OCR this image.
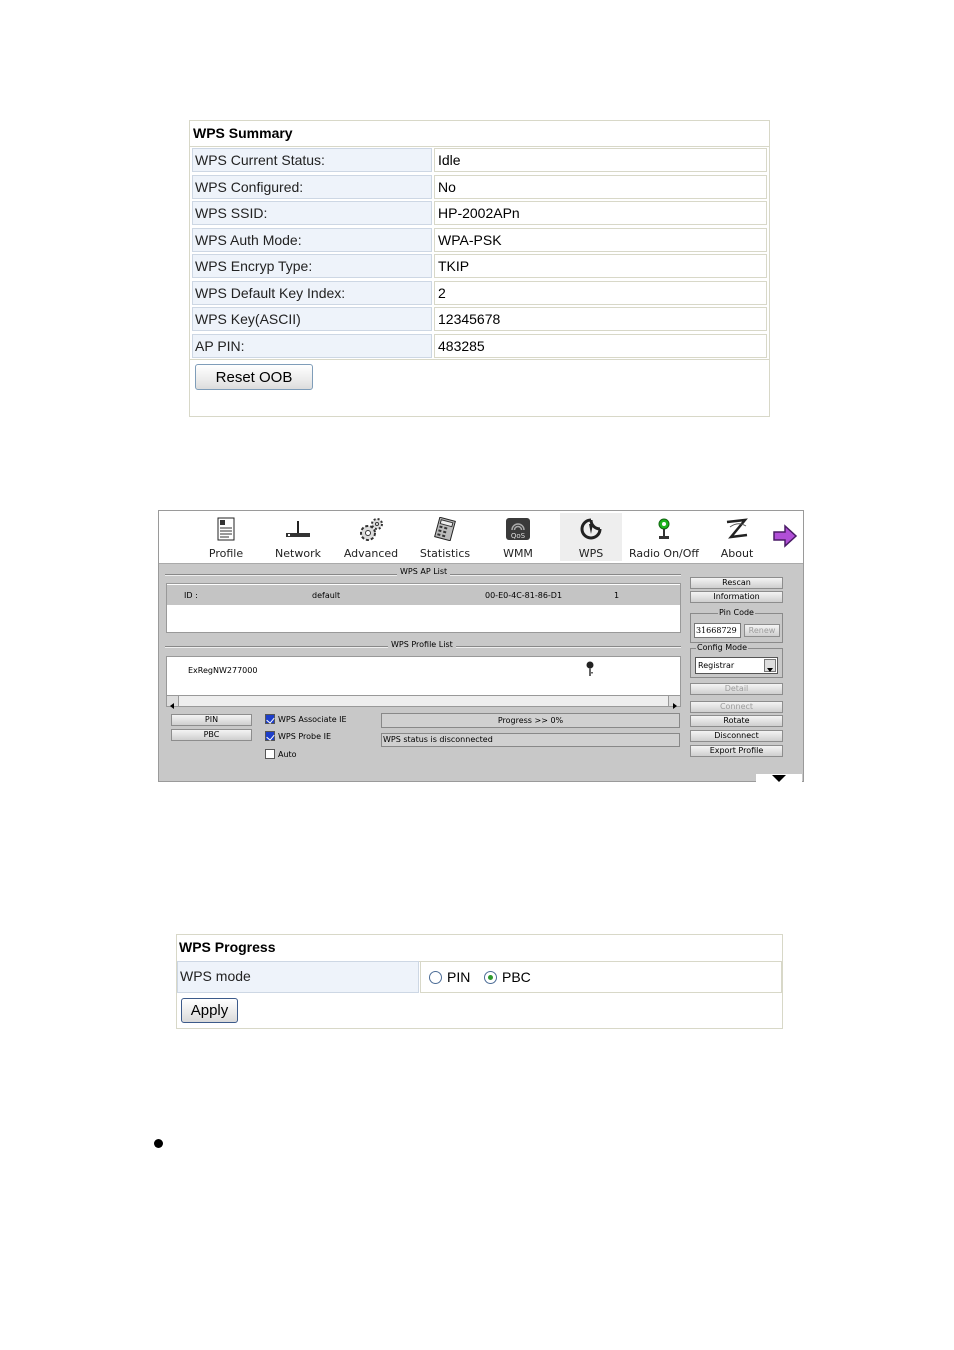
WPS Summary
WPS Current Status:	Idle
WPS Configured:	No
WPS SSID:	HP-2002APn
WPS Auth Mode:	WPA-PSK
WPS Encryp Type:	TKIP
WPS Default Key Index:	2
WPS Key(ASCII)	12345678
AP PIN:	483285
Reset OOB
Profile	Network	Advanced	Statistics
QoS
WMM	WPS	Radio On/Off	About
WPS AP List
ID :	default	00-E0-4C-81-86-D1	1
WPS Profile List
ExRegNW277000
PIN
PBC
WPS Associate IE
WPS Probe IE
Auto
Progress >> 0%
WPS status is disconnected
Rescan
Information
Pin Code
31668729	Renew
Config Mode
Registrar
Detail
Connect
Rotate
Disconnect
Export Profile
WPS Progress
WPS mode	PIN PBC
Apply
